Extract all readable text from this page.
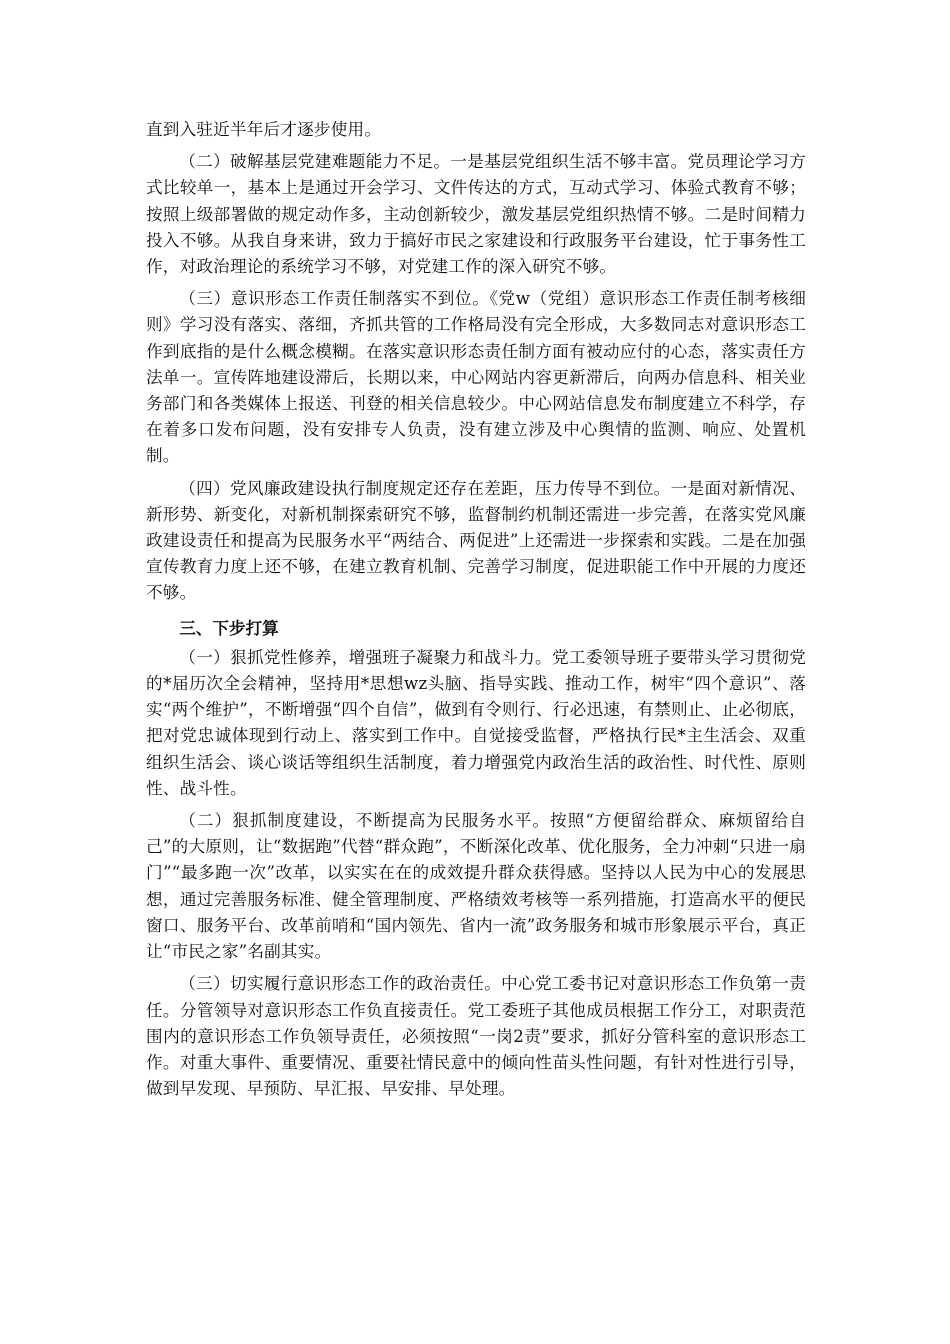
直到入驻近半年后才逐步使用。

（二）破解基层党建难题能力不足。一是基层党组织生活不够丰富。党员理论学习方式比较单一，基本上是通过开会学习、文件传达的方式，互动式学习、体验式教育不够；按照上级部署做的规定动作多，主动创新较少，激发基层党组织热情不够。二是时间精力投入不够。从我自身来讲，致力于搞好市民之家建设和行政服务平台建设，忙于事务性工作，对政治理论的系统学习不够，对党建工作的深入研究不够。

（三）意识形态工作责任制落实不到位。《党w（党组）意识形态工作责任制考核细则》学习没有落实、落细，齐抓共管的工作格局没有完全形成，大多数同志对意识形态工作到底指的是什么概念模糊。在落实意识形态责任制方面有被动应付的心态，落实责任方法单一。宣传阵地建设滞后，长期以来，中心网站内容更新滞后，向两办信息科、相关业务部门和各类媒体上报送、刊登的相关信息较少。中心网站信息发布制度建立不科学，存在着多口发布问题，没有安排专人负责，没有建立涉及中心舆情的监测、响应、处置机制。

（四）党风廉政建设执行制度规定还存在差距，压力传导不到位。一是面对新情况、新形势、新变化，对新机制探索研究不够，监督制约机制还需进一步完善，在落实党风廉政建设责任和提高为民服务水平“两结合、两促进”上还需进一步探索和实践。二是在加强宣传教育力度上还不够，在建立教育机制、完善学习制度，促进职能工作中开展的力度还不够。

三、下步打算

（一）狠抓党性修养，增强班子凝聚力和战斗力。党工委领导班子要带头学习贯彻党的*届历次全会精神，坚持用*思想wz头脑、指导实践、推动工作，树牢“四个意识”、落实“两个维护”，不断增强“四个自信”，做到有令则行、行必迅速，有禁则止、止必彻底，把对党忠诚体现到行动上、落实到工作中。自觉接受监督，严格执行民*主生活会、双重组织生活会、谈心谈话等组织生活制度，着力增强党内政治生活的政治性、时代性、原则性、战斗性。

（二）狠抓制度建设，不断提高为民服务水平。按照“方便留给群众、麻烦留给自己”的大原则，让“数据跑”代替“群众跑”，不断深化改革、优化服务，全力冲刺“只进一扇门”“最多跑一次”改革，以实实在在的成效提升群众获得感。坚持以人民为中心的发展思想，通过完善服务标准、健全管理制度、严格绩效考核等一系列措施，打造高水平的便民窗口、服务平台、改革前哨和“国内领先、省内一流”政务服务和城市形象展示平台，真正让“市民之家”名副其实。

（三）切实履行意识形态工作的政治责任。中心党工委书记对意识形态工作负第一责任。分管领导对意识形态工作负直接责任。党工委班子其他成员根据工作分工，对职责范围内的意识形态工作负领导责任，必须按照“一岗2责”要求，抓好分管科室的意识形态工作。对重大事件、重要情况、重要社情民意中的倾向性苗头性问题，有针对性进行引导，做到早发现、早预防、早汇报、早安排、早处理。
